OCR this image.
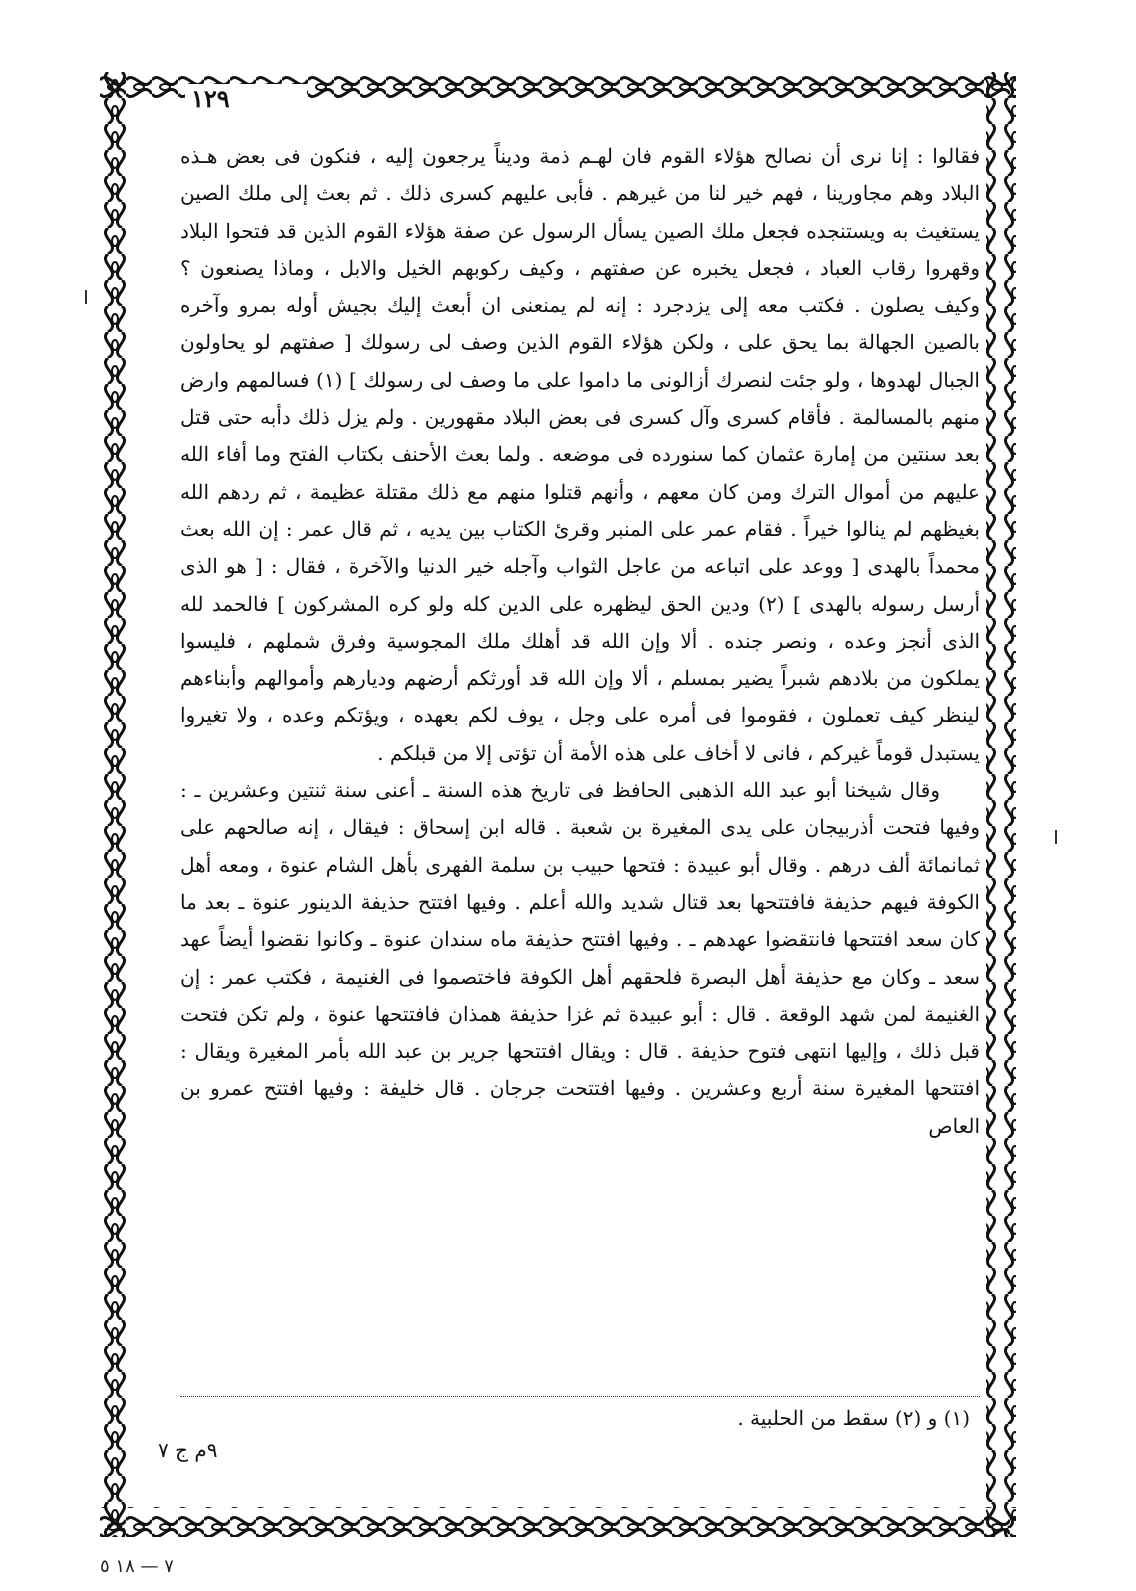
١٢٩

فقالوا : إنا نرى أن نصالح هؤلاء القوم فان لهـم ذمة وديناً يرجعون إليه ، فنكون فى بعض هـذه البلاد وهم مجاورينا ، فهم خير لنا من غيرهم . فأبى عليهم كسرى ذلك . ثم بعث إلى ملك الصين يستغيث به ويستنجده فجعل ملك الصين يسأل الرسول عن صفة هؤلاء القوم الذين قد فتحوا البلاد وقهروا رقاب العباد ، فجعل يخبره عن صفتهم ، وكيف ركوبهم الخيل والابل ، وماذا يصنعون ؟ وكيف يصلون . فكتب معه إلى يزدجرد : إنه لم يمنعنى ان أبعث إليك بجيش أوله بمرو وآخره بالصين الجهالة بما يحق على ، ولكن هؤلاء القوم الذين وصف لى رسولك [ صفتهم لو يحاولون الجبال لهدوها ، ولو جئت لنصرك أزالونى ما داموا على ما وصف لى رسولك ] (١) فسالمهم وارض منهم بالمسالمة . فأقام كسرى وآل كسرى فى بعض البلاد مقهورين . ولم يزل ذلك دأبه حتى قتل بعد سنتين من إمارة عثمان كما سنورده فى موضعه . ولما بعث الأحنف بكتاب الفتح وما أفاء الله عليهم من أموال الترك ومن كان معهم ، وأنهم قتلوا منهم مع ذلك مقتلة عظيمة ، ثم ردهم الله بغيظهم لم ينالوا خيراً . فقام عمر على المنبر وقرئ الكتاب بين يديه ، ثم قال عمر : إن الله بعث محمداً بالهدى [ ووعد على اتباعه من عاجل الثواب وآجله خير الدنيا والآخرة ، فقال : [ هو الذى أرسل رسوله بالهدى ] (٢) ودين الحق ليظهره على الدين كله ولو كره المشركون ] فالحمد لله الذى أنجز وعده ، ونصر جنده . ألا وإن الله قد أهلك ملك المجوسية وفرق شملهم ، فليسوا يملكون من بلادهم شبراً يضير بمسلم ، ألا وإن الله قد أورثكم أرضهم وديارهم وأموالهم وأبناءهم لينظر كيف تعملون ، فقوموا فى أمره على وجل ، يوف لكم بعهده ، ويؤتكم وعده ، ولا تغيروا يستبدل قوماً غيركم ، فانى لا أخاف على هذه الأمة أن تؤتى إلا من قبلكم .

وقال شيخنا أبو عبد الله الذهبى الحافظ فى تاريخ هذه السنة ـ أعنى سنة ثنتين وعشرين ـ : وفيها فتحت أذربيجان على يدى المغيرة بن شعبة . قاله ابن إسحاق : فيقال ، إنه صالحهم على ثمانمائة ألف درهم . وقال أبو عبيدة : فتحها حبيب بن سلمة الفهرى بأهل الشام عنوة ، ومعه أهل الكوفة فيهم حذيفة فافتتحها بعد قتال شديد والله أعلم . وفيها افتتح حذيفة الدينور عنوة ـ بعد ما كان سعد افتتحها فانتقضوا عهدهم ـ . وفيها افتتح حذيفة ماه سندان عنوة ـ وكانوا نقضوا أيضاً عهد سعد ـ وكان مع حذيفة أهل البصرة فلحقهم أهل الكوفة فاختصموا فى الغنيمة ، فكتب عمر : إن الغنيمة لمن شهد الوقعة . قال : أبو عبيدة ثم غزا حذيفة همذان فافتتحها عنوة ، ولم تكن فتحت قبل ذلك ، وإليها انتهى فتوح حذيفة . قال : ويقال افتتحها جرير بن عبد الله بأمر المغيرة ويقال : افتتحها المغيرة سنة أربع وعشرين . وفيها افتتحت جرجان . قال خليفة : وفيها افتتح عمرو بن العاص

(١) و (٢) سقط من الحلبية .
٩م ج ٧
٧ — ١٨ ٥
